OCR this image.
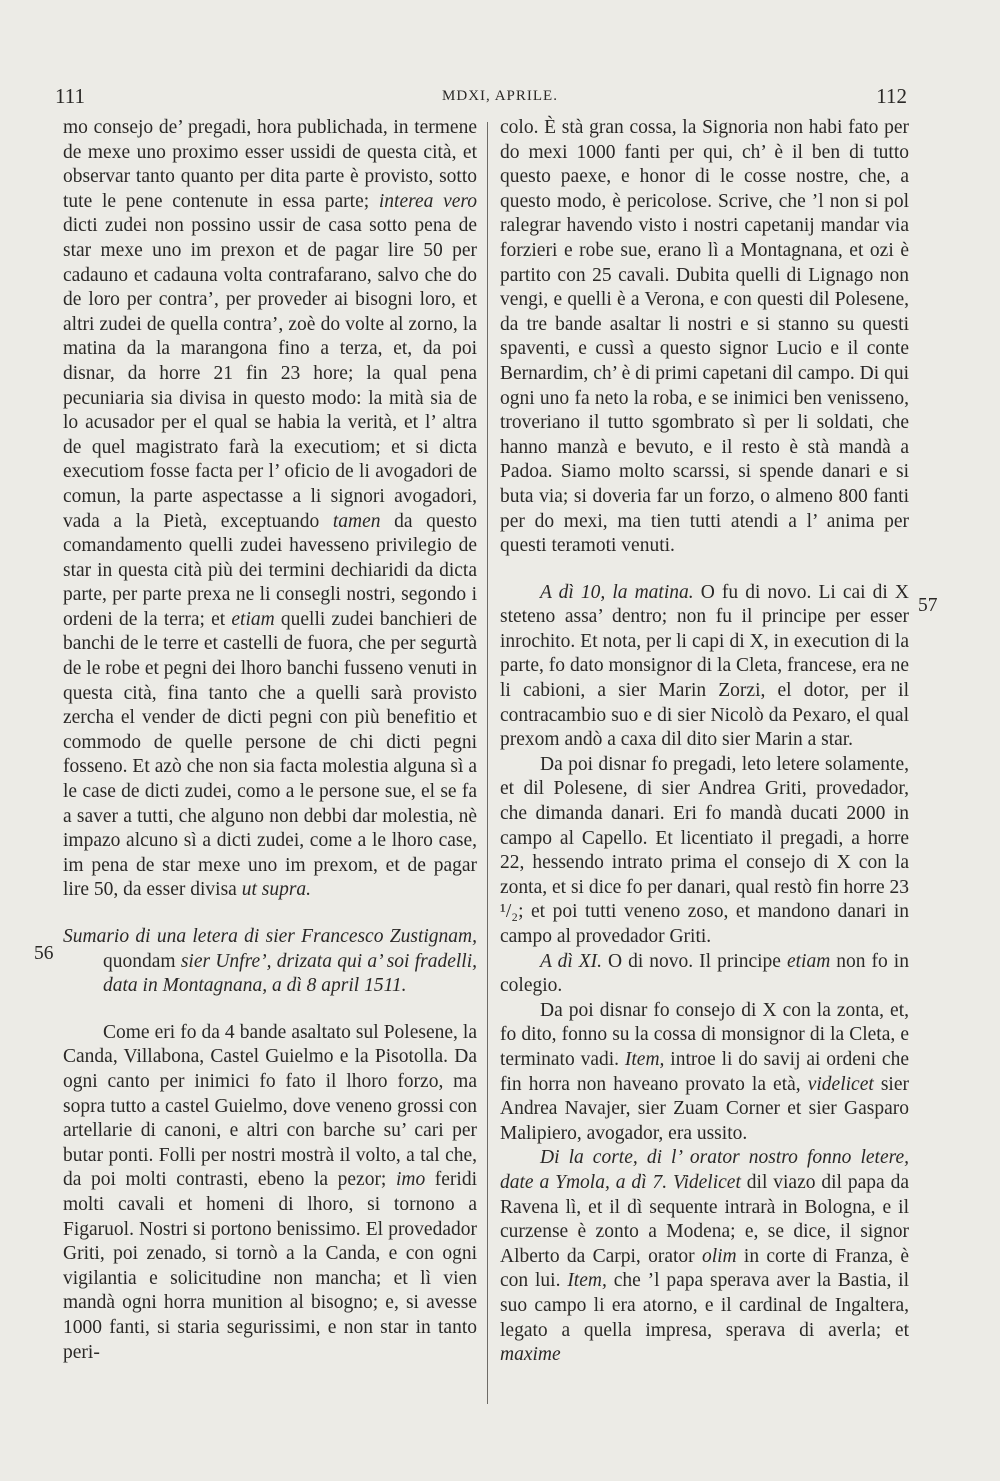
111	MDXI, APRILE.	112
56
57

mo consejo de’ pregadi, hora publichada, in termene de mexe uno proximo esser ussidi de questa cità, et observar tanto quanto per dita parte è provisto, sotto tute le pene contenute in essa parte; interea vero dicti zudei non possino ussir de casa sotto pena de star mexe uno im prexon et de pagar lire 50 per cadauno et cadauna volta contrafarano, salvo che do de loro per contra’, per proveder ai bisogni loro, et altri zudei de quella contra’, zoè do volte al zorno, la matina da la marangona fino a terza, et, da poi disnar, da horre 21 fin 23 hore; la qual pena pecuniaria sia divisa in questo modo: la mità sia de lo acusador per el qual se habia la verità, et l’ altra de quel magistrato farà la executiom; et si dicta executiom fosse facta per l’ oficio de li avogadori de comun, la parte aspectasse a li signori avogadori, vada a la Pietà, exceptuando tamen da questo comandamento quelli zudei havesseno privilegio de star in questa cità più dei termini dechiaridi da dicta parte, per parte prexa ne li consegli nostri, segondo i ordeni de la terra; et etiam quelli zudei banchieri de banchi de le terre et castelli de fuora, che per segurtà de le robe et pegni dei lhoro banchi fusseno venuti in questa cità, fina tanto che a quelli sarà provisto zercha el vender de dicti pegni con più benefitio et commodo de quelle persone de chi dicti pegni fosseno. Et azò che non sia facta molestia alguna sì a le case de dicti zudei, como a le persone sue, el se fa a saver a tutti, che alguno non debbi dar molestia, nè impazo alcuno sì a dicti zudei, come a le lhoro case, im pena de star mexe uno im prexom, et de pagar lire 50, da esser divisa ut supra.

Sumario di una letera di sier Francesco Zustignam, quondam sier Unfre’, drizata qui a’ soi fradelli, data in Montagnana, a dì 8 april 1511.

Come eri fo da 4 bande asaltato sul Polesene, la Canda, Villabona, Castel Guielmo e la Pisotolla. Da ogni canto per inimici fo fato il lhoro forzo, ma sopra tutto a castel Guielmo, dove veneno grossi con artellarie di canoni, e altri con barche su’ cari per butar ponti. Folli per nostri mostrà il volto, a tal che, da poi molti contrasti, ebeno la pezor; imo feridi molti cavali et homeni di lhoro, si tornono a Figaruol. Nostri si portono benissimo. El provedador Griti, poi zenado, si tornò a la Canda, e con ogni vigilantia e solicitudine non mancha; et lì vien mandà ogni horra munition al bisogno; e, si avesse 1000 fanti, si staria segurissimi, e non star in tanto peri-

colo. È stà gran cossa, la Signoria non habi fato per do mexi 1000 fanti per qui, ch’ è il ben di tutto questo paexe, e honor di le cosse nostre, che, a questo modo, è pericolose. Scrive, che ’l non si pol ralegrar havendo visto i nostri capetanij mandar via forzieri e robe sue, erano lì a Montagnana, et ozi è partito con 25 cavali. Dubita quelli di Lignago non vengi, e quelli è a Verona, e con questi dil Polesene, da tre bande asaltar li nostri e si stanno su questi spaventi, e cussì a questo signor Lucio e il conte Bernardim, ch’ è di primi capetani dil campo. Di qui ogni uno fa neto la roba, e se inimici ben venisseno, troveriano il tutto sgombrato sì per li soldati, che hanno manzà e bevuto, e il resto è stà mandà a Padoa. Siamo molto scarssi, si spende danari e si buta via; si doveria far un forzo, o almeno 800 fanti per do mexi, ma tien tutti atendi a l’ anima per questi teramoti venuti.

A dì 10, la matina. O fu di novo. Li cai di X steteno assa’ dentro; non fu il principe per esser inrochito. Et nota, per li capi di X, in execution di la parte, fo dato monsignor di la Cleta, francese, era ne li cabioni, a sier Marin Zorzi, el dotor, per il contracambio suo e di sier Nicolò da Pexaro, el qual prexom andò a caxa dil dito sier Marin a star.

Da poi disnar fo pregadi, leto letere solamente, et dil Polesene, di sier Andrea Griti, provedador, che dimanda danari. Eri fo mandà ducati 2000 in campo al Capello. Et licentiato il pregadi, a horre 22, hessendo intrato prima el consejo di X con la zonta, et si dice fo per danari, qual restò fin horre 23 ¹/₂; et poi tutti veneno zoso, et mandono danari in campo al provedador Griti.

A dì XI. O di novo. Il principe etiam non fo in colegio.

Da poi disnar fo consejo di X con la zonta, et, fo dito, fonno su la cossa di monsignor di la Cleta, e terminato vadi. Item, introe li do savij ai ordeni che fin horra non haveano provato la età, videlicet sier Andrea Navajer, sier Zuam Corner et sier Gasparo Malipiero, avogador, era ussito.

Di la corte, di l’ orator nostro fonno letere, date a Ymola, a dì 7. Videlicet dil viazo dil papa da Ravena lì, et il dì sequente intrarà in Bologna, e il curzense è zonto a Modena; e, se dice, il signor Alberto da Carpi, orator olim in corte di Franza, è con lui. Item, che ’l papa sperava aver la Bastia, il suo campo li era atorno, e il cardinal de Ingaltera, legato a quella impresa, sperava di averla; et maxime
